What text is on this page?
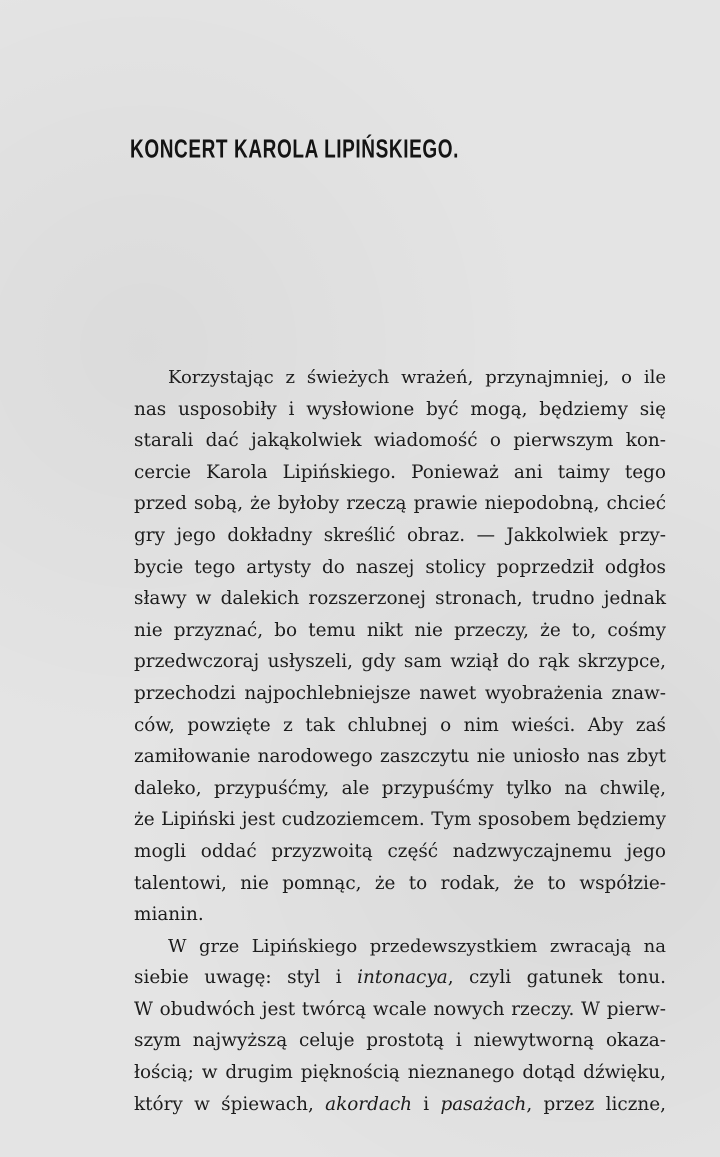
KONCERT KAROLA LIPIŃSKIEGO.
Korzystając z świeżych wrażeń, przynajmniej, o ile
nas usposobiły i wysłowione być mogą, będziemy się
starali dać jakąkolwiek wiadomość o pierwszym kon-
cercie Karola Lipińskiego. Ponieważ ani taimy tego
przed sobą, że byłoby rzeczą prawie niepodobną, chcieć
gry jego dokładny skreślić obraz. — Jakkolwiek przy-
bycie tego artysty do naszej stolicy poprzedził odgłos
sławy w dalekich rozszerzonej stronach, trudno jednak
nie przyznać, bo temu nikt nie przeczy, że to, cośmy
przedwczoraj usłyszeli, gdy sam wziął do rąk skrzypce,
przechodzi najpochlebniejsze nawet wyobrażenia znaw-
ców, powzięte z tak chlubnej o nim wieści. Aby zaś
zamiłowanie narodowego zaszczytu nie uniosło nas zbyt
daleko, przypuśćmy, ale przypuśćmy tylko na chwilę,
że Lipiński jest cudzoziemcem. Tym sposobem będziemy
mogli oddać przyzwoitą część nadzwyczajnemu jego
talentowi, nie pomnąc, że to rodak, że to współzie-
mianin.
W grze Lipińskiego przedewszystkiem zwracają na
siebie uwagę: styl i intonacya, czyli gatunek tonu.
W obudwóch jest twórcą wcale nowych rzeczy. W pierw-
szym najwyższą celuje prostotą i niewytworną okaza-
łością; w drugim pięknością nieznanego dotąd dźwięku,
który w śpiewach, akordach i pasażach, przez liczne,
